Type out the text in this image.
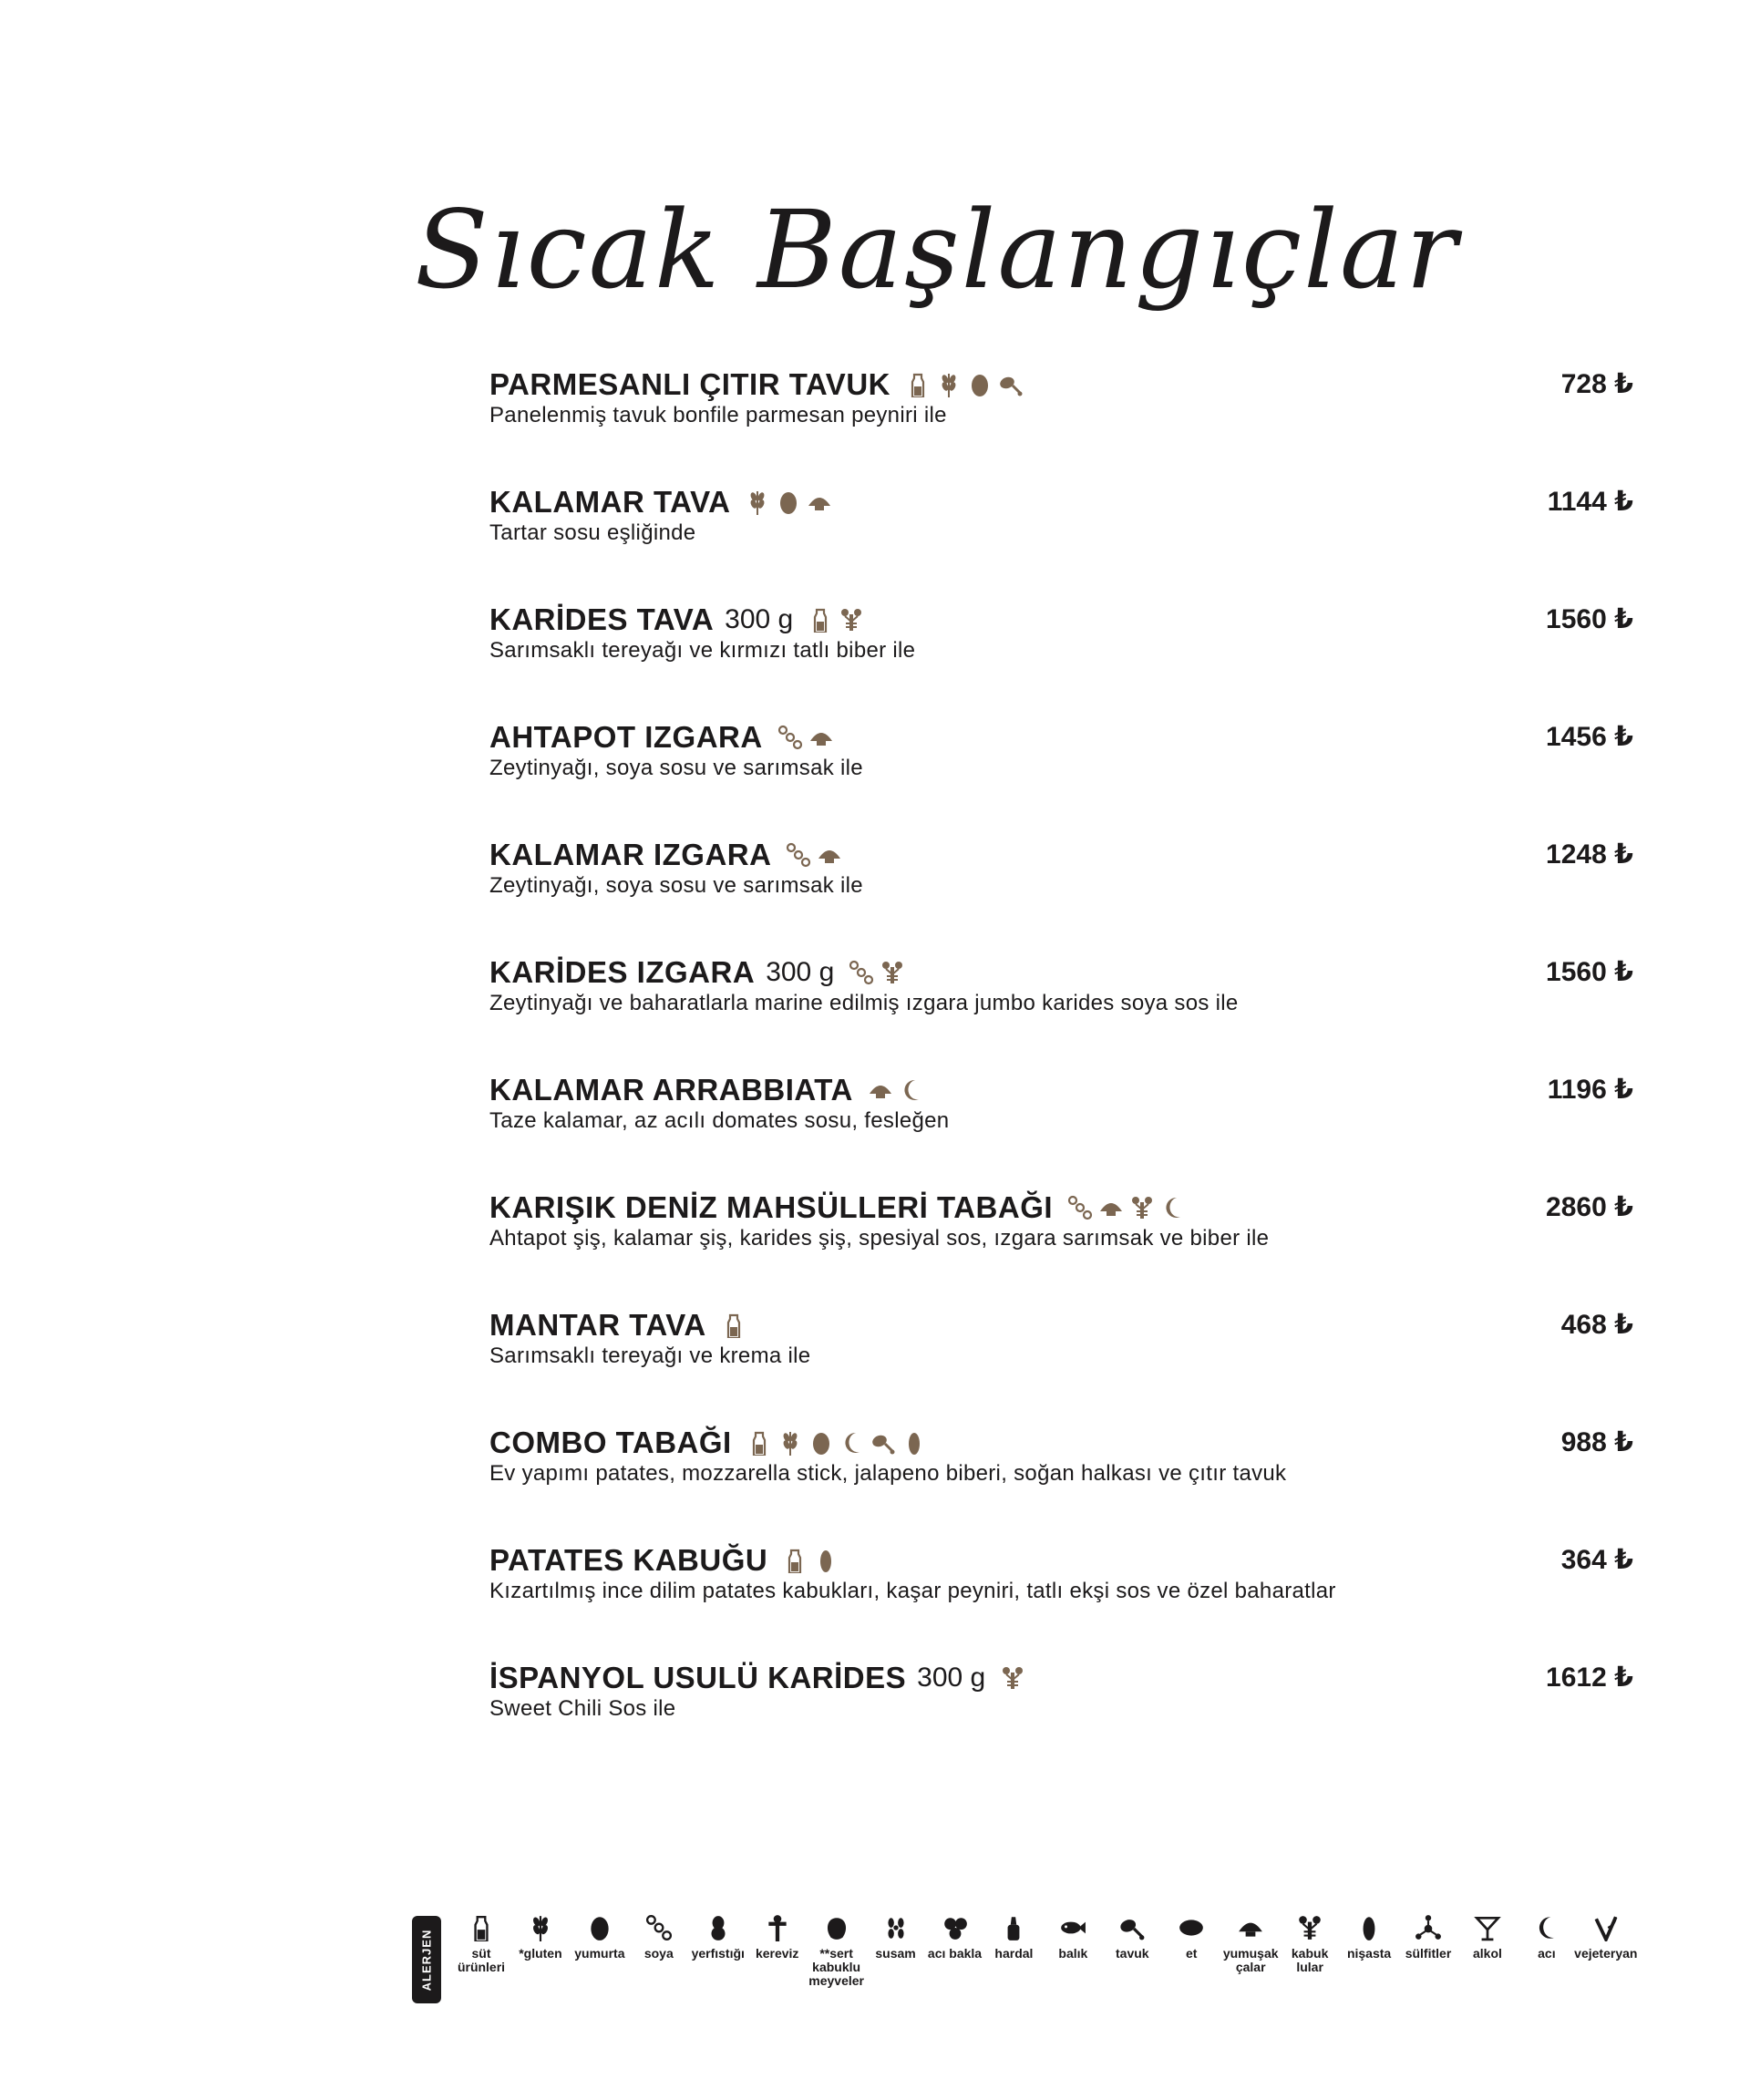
Sıcak Başlangıçlar
PARMESANLI ÇITIR TAVUK
Panelenmiş tavuk bonfile parmesan peyniri ile
728 ₺
KALAMAR TAVA
Tartar sosu eşliğinde
1144 ₺
KARİDES TAVA 300 g
Sarımsaklı tereyağı ve kırmızı tatlı biber ile
1560 ₺
AHTAPOT IZGARA
Zeytinyağı, soya sosu ve sarımsak ile
1456 ₺
KALAMAR IZGARA
Zeytinyağı, soya sosu ve sarımsak ile
1248 ₺
KARİDES IZGARA 300 g
Zeytinyağı ve baharatlarla marine edilmiş ızgara jumbo karides soya sos ile
1560 ₺
KALAMAR ARRABBIATA
Taze kalamar, az acılı domates sosu, fesleğen
1196 ₺
KARIŞIK DENİZ MAHSÜLLERİ TABAĞI
Ahtapot şiş, kalamar şiş, karides şiş, spesiyal sos, ızgara sarımsak ve biber ile
2860 ₺
MANTAR TAVA
Sarımsaklı tereyağı ve krema ile
468 ₺
COMBO TABAĞI
Ev yapımı patates, mozzarella stick, jalapeno biberi, soğan halkası ve çıtır tavuk
988 ₺
PATATES KABUĞU
Kızartılmış ince dilim patates kabukları, kaşar peyniri, tatlı ekşi sos ve özel baharatlar
364 ₺
İSPANYOL USULÜ KARİDES 300 g
Sweet Chili Sos ile
1612 ₺
ALERJEN	süt ürünleri
*gluten yumurta soya yerfıstığı kereviz	**sert kabuklu meyveler
susam acı bakla hardal balık tavuk	et yumuşak çalar
kabuk lular
nişasta sülfitler alkol	acı vejeteryan
